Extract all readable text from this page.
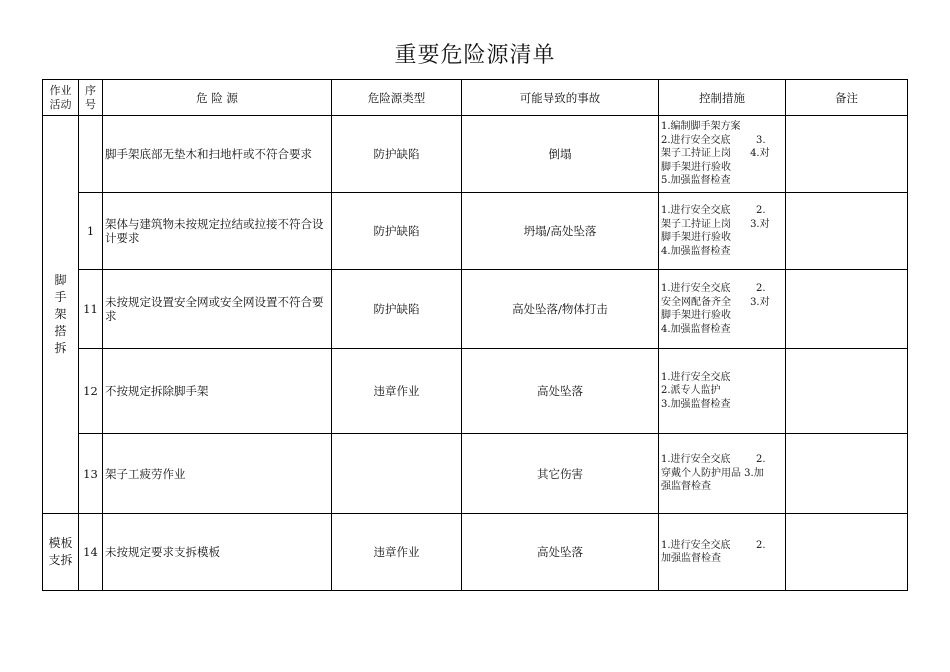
重要危险源清单
作业活动	序号	危 险 源	危险源类型	可能导致的事故	控制措施	备注
脚手架搭拆		脚手架底部无垫木和扫地杆或不符合要求	防护缺陷	倒塌	1.编制脚手架方案
2.进行安全交底        3.
架子工持证上岗      4.对
脚手架进行验收
5.加强监督检查	

	1	架体与建筑物未按规定拉结或拉接不符合设计要求	防护缺陷	坍塌/高处坠落	1.进行安全交底        2.
架子工持证上岗      3.对
脚手架进行验收
4.加强监督检查	

	11	未按规定设置安全网或安全网设置不符合要求	防护缺陷	高处坠落/物体打击	1.进行安全交底        2.
安全网配备齐全      3.对
脚手架进行验收
4.加强监督检查	

	12	不按规定拆除脚手架	违章作业	高处坠落	1.进行安全交底
2.派专人监护
3.加强监督检查	

	13	架子工疲劳作业		其它伤害	1.进行安全交底        2.
穿戴个人防护用品 3.加
强监督检查	

模板支拆	14	未按规定要求支拆模板	违章作业	高处坠落	1.进行安全交底        2.
加强监督检查	
